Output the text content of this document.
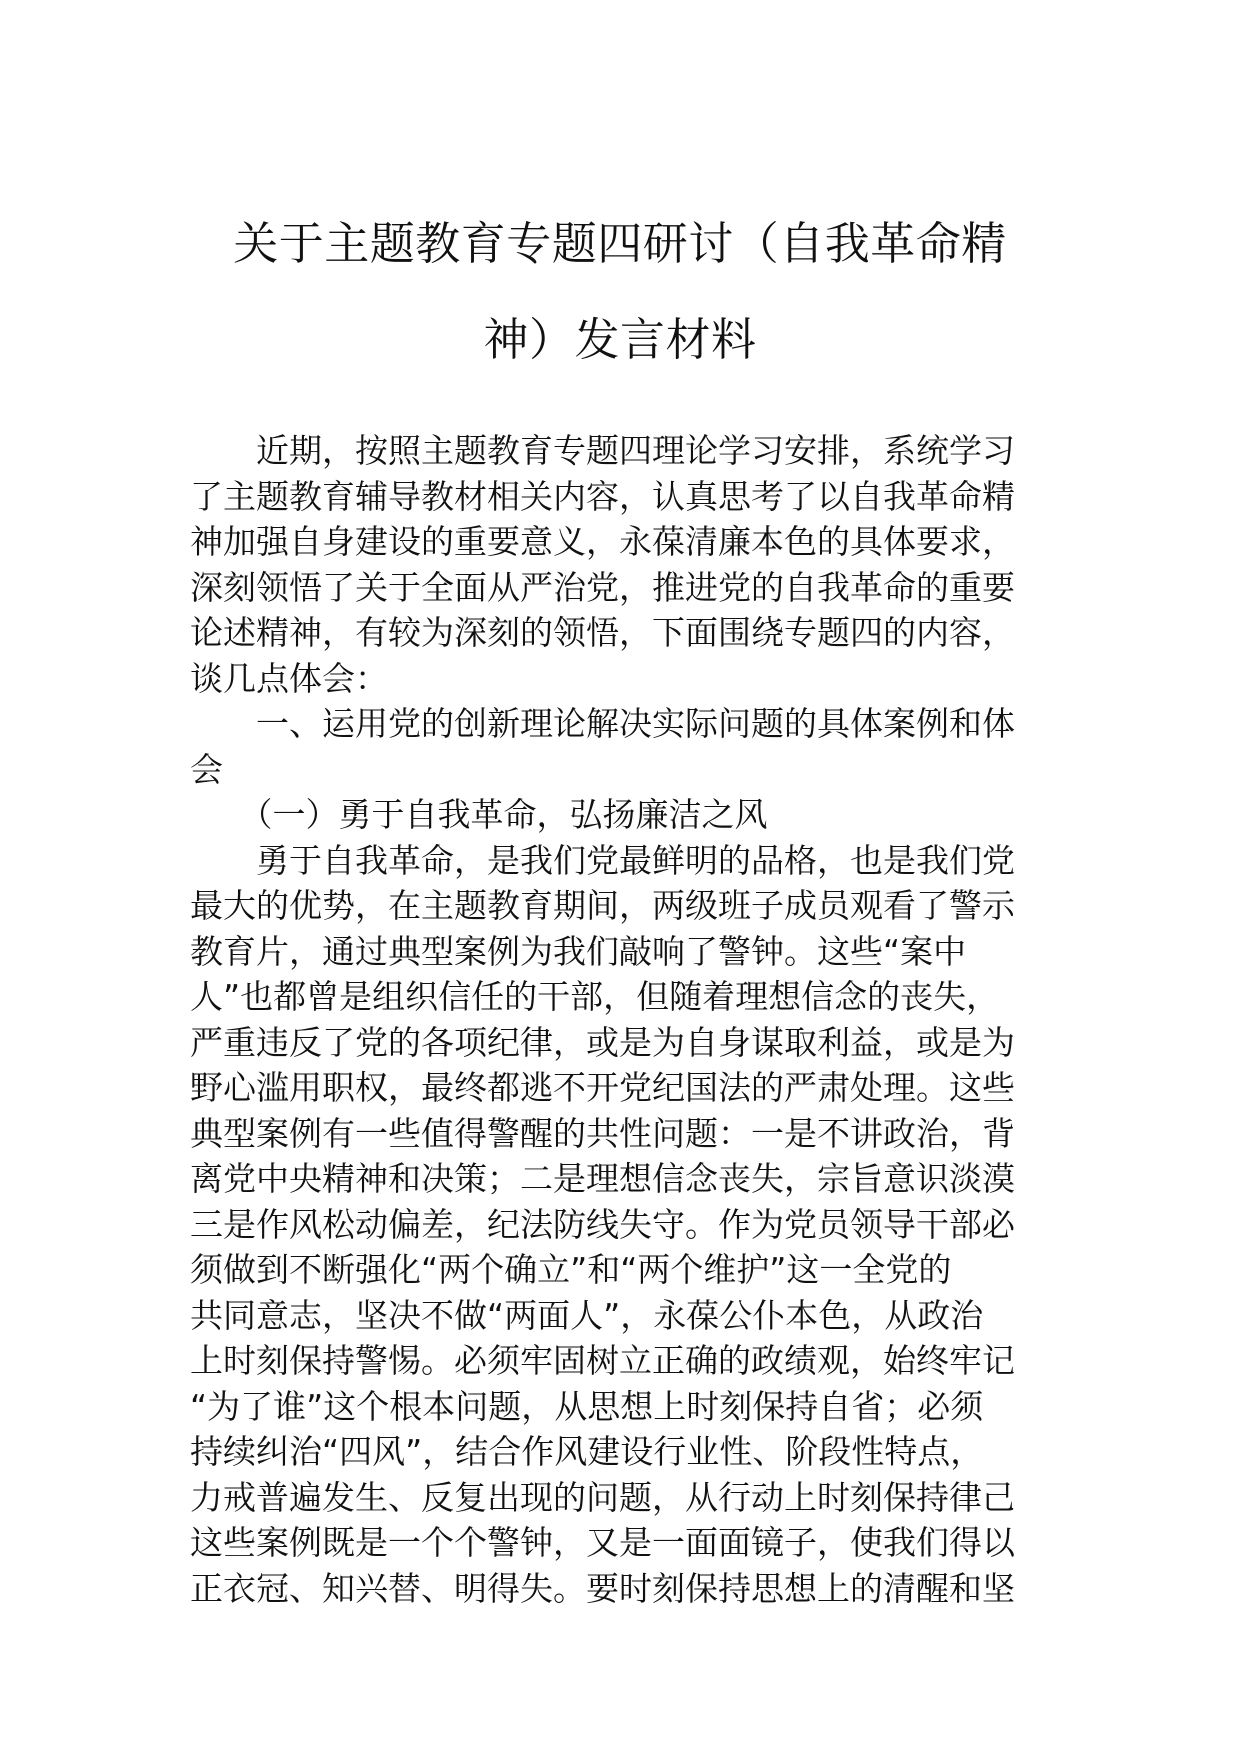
关于主题教育专题四研讨（自我革命精
神）发言材料
　　近期，按照主题教育专题四理论学习安排，系统学习
了主题教育辅导教材相关内容，认真思考了以自我革命精
神加强自身建设的重要意义，永葆清廉本色的具体要求，
深刻领悟了关于全面从严治党，推进党的自我革命的重要
论述精神，有较为深刻的领悟，下面围绕专题四的内容，
谈几点体会：
　　一、运用党的创新理论解决实际问题的具体案例和体
会
　　（一）勇于自我革命，弘扬廉洁之风
　　勇于自我革命，是我们党最鲜明的品格，也是我们党
最大的优势，在主题教育期间，两级班子成员观看了警示
教育片，通过典型案例为我们敲响了警钟。这些“案中
人”也都曾是组织信任的干部，但随着理想信念的丧失，
严重违反了党的各项纪律，或是为自身谋取利益，或是为
野心滥用职权，最终都逃不开党纪国法的严肃处理。这些
典型案例有一些值得警醒的共性问题：一是不讲政治，背
离党中央精神和决策；二是理想信念丧失，宗旨意识淡漠
三是作风松动偏差，纪法防线失守。作为党员领导干部必
须做到不断强化“两个确立”和“两个维护”这一全党的
共同意志，坚决不做“两面人”，永葆公仆本色，从政治
上时刻保持警惕。必须牢固树立正确的政绩观，始终牢记
“为了谁”这个根本问题，从思想上时刻保持自省；必须
持续纠治“四风”，结合作风建设行业性、阶段性特点，
力戒普遍发生、反复出现的问题，从行动上时刻保持律己
这些案例既是一个个警钟，又是一面面镜子，使我们得以
正衣冠、知兴替、明得失。要时刻保持思想上的清醒和坚
